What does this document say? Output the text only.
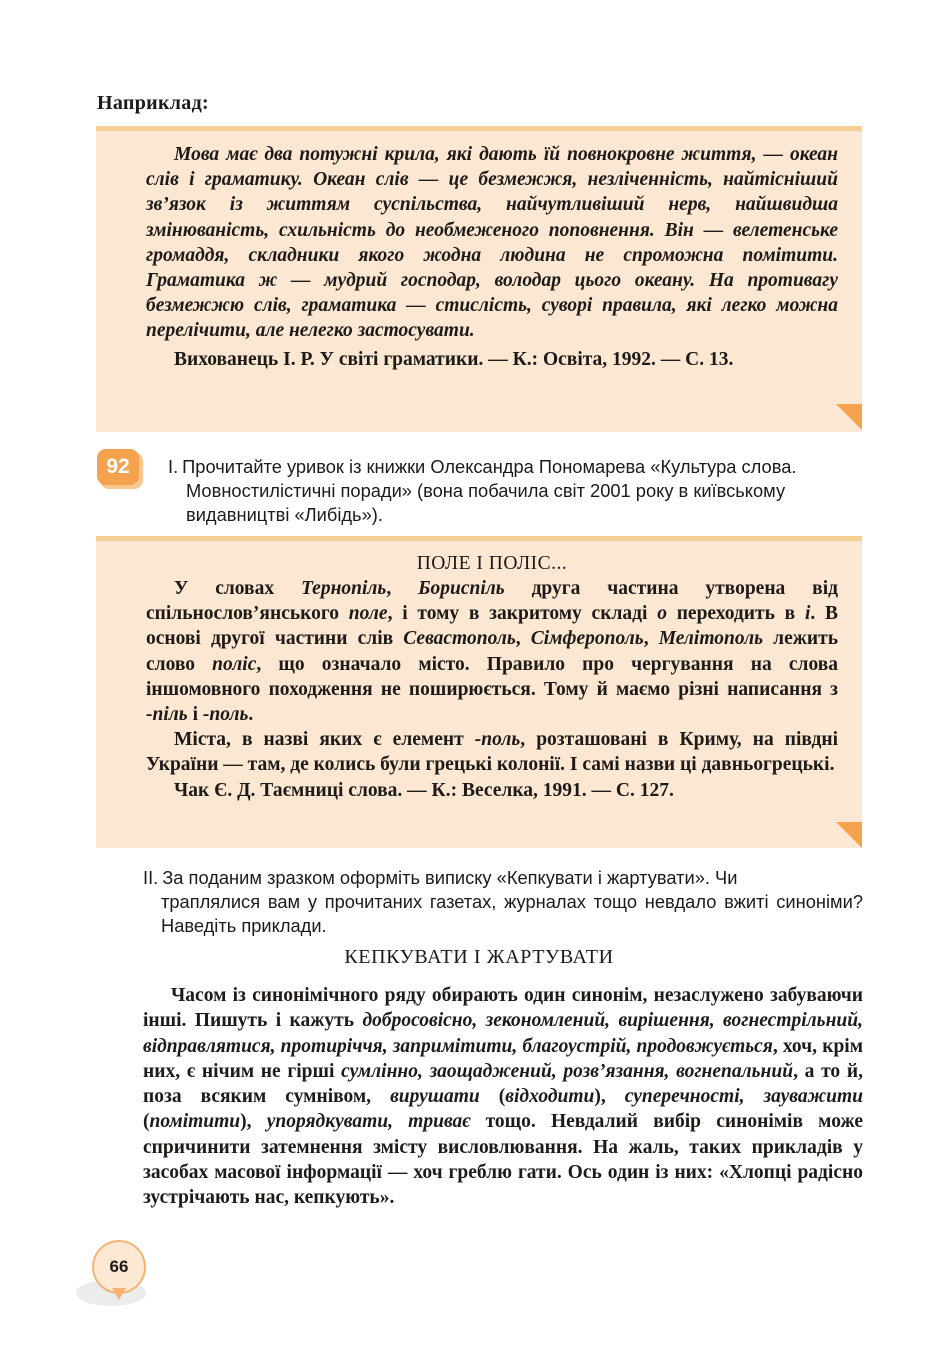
Наприклад:

Мова має два потужні крила, які дають їй повнокровне життя, — океан слів і граматику. Океан слів — це безмежжя, незліченність, найтісніший зв’язок із життям суспільства, найчутливіший нерв, найшвидша змінюваність, схильність до необмеженого поповнення. Він — велетенське громаддя, складники якого жодна людина не спроможна помітити. Граматика ж — мудрий господар, володар цього океану. На противагу безмежжю слів, граматика — стислість, суворі правила, які легко можна перелічити, але нелегко застосувати.

Вихованець І. Р. У світі граматики. — К.: Освіта, 1992. — С. 13.

92	I. Прочитайте уривок із книжки Олександра Пономарева «Культура слова.
Мовностилістичні поради» (вона побачила світ 2001 року в київському видавництві «Либідь»).

ПОЛЕ І ПОЛІС...

У словах Тернопіль, Бориспіль друга частина утворена від спільнослов’янського поле, і тому в закритому складі о переходить в і. В основі другої частини слів Севастополь, Сімферополь, Мелітополь лежить слово поліс, що означало місто. Правило про чергування на слова іншомовного походження не поширюється. Тому й маємо різні написання з -піль і -поль.

Міста, в назві яких є елемент -поль, розташовані в Криму, на півдні України — там, де колись були грецькі колонії. І самі назви ці давньогрецькі.

Чак Є. Д. Таємниці слова. — К.: Веселка, 1991. — С. 127.

II. За поданим зразком оформіть виписку «Кепкувати і жартувати». Чи
траплялися вам у прочитаних газетах, журналах тощо невдало вжиті синоніми? Наведіть приклади.

КЕПКУВАТИ І ЖАРТУВАТИ

Часом із синонімічного ряду обирають один синонім, незаслужено забуваючи інші. Пишуть і кажуть добросовісно, зекономлений, вирішення, вогнестрільний, відправлятися, протиріччя, запримітити, благоустрій, продовжується, хоч, крім них, є нічим не гірші сумлінно, заощаджений, розв’язання, вогнепальний, а то й, поза всяким сумнівом, вирушати (відходити), суперечності, зауважити (помітити), упорядкувати, триває тощо. Невдалий вибір синонімів може спричинити затемнення змісту висловлювання. На жаль, таких прикладів у засобах масової інформації — хоч греблю гати. Ось один із них: «Хлопці радісно зустрічають нас, кепкують».

66
